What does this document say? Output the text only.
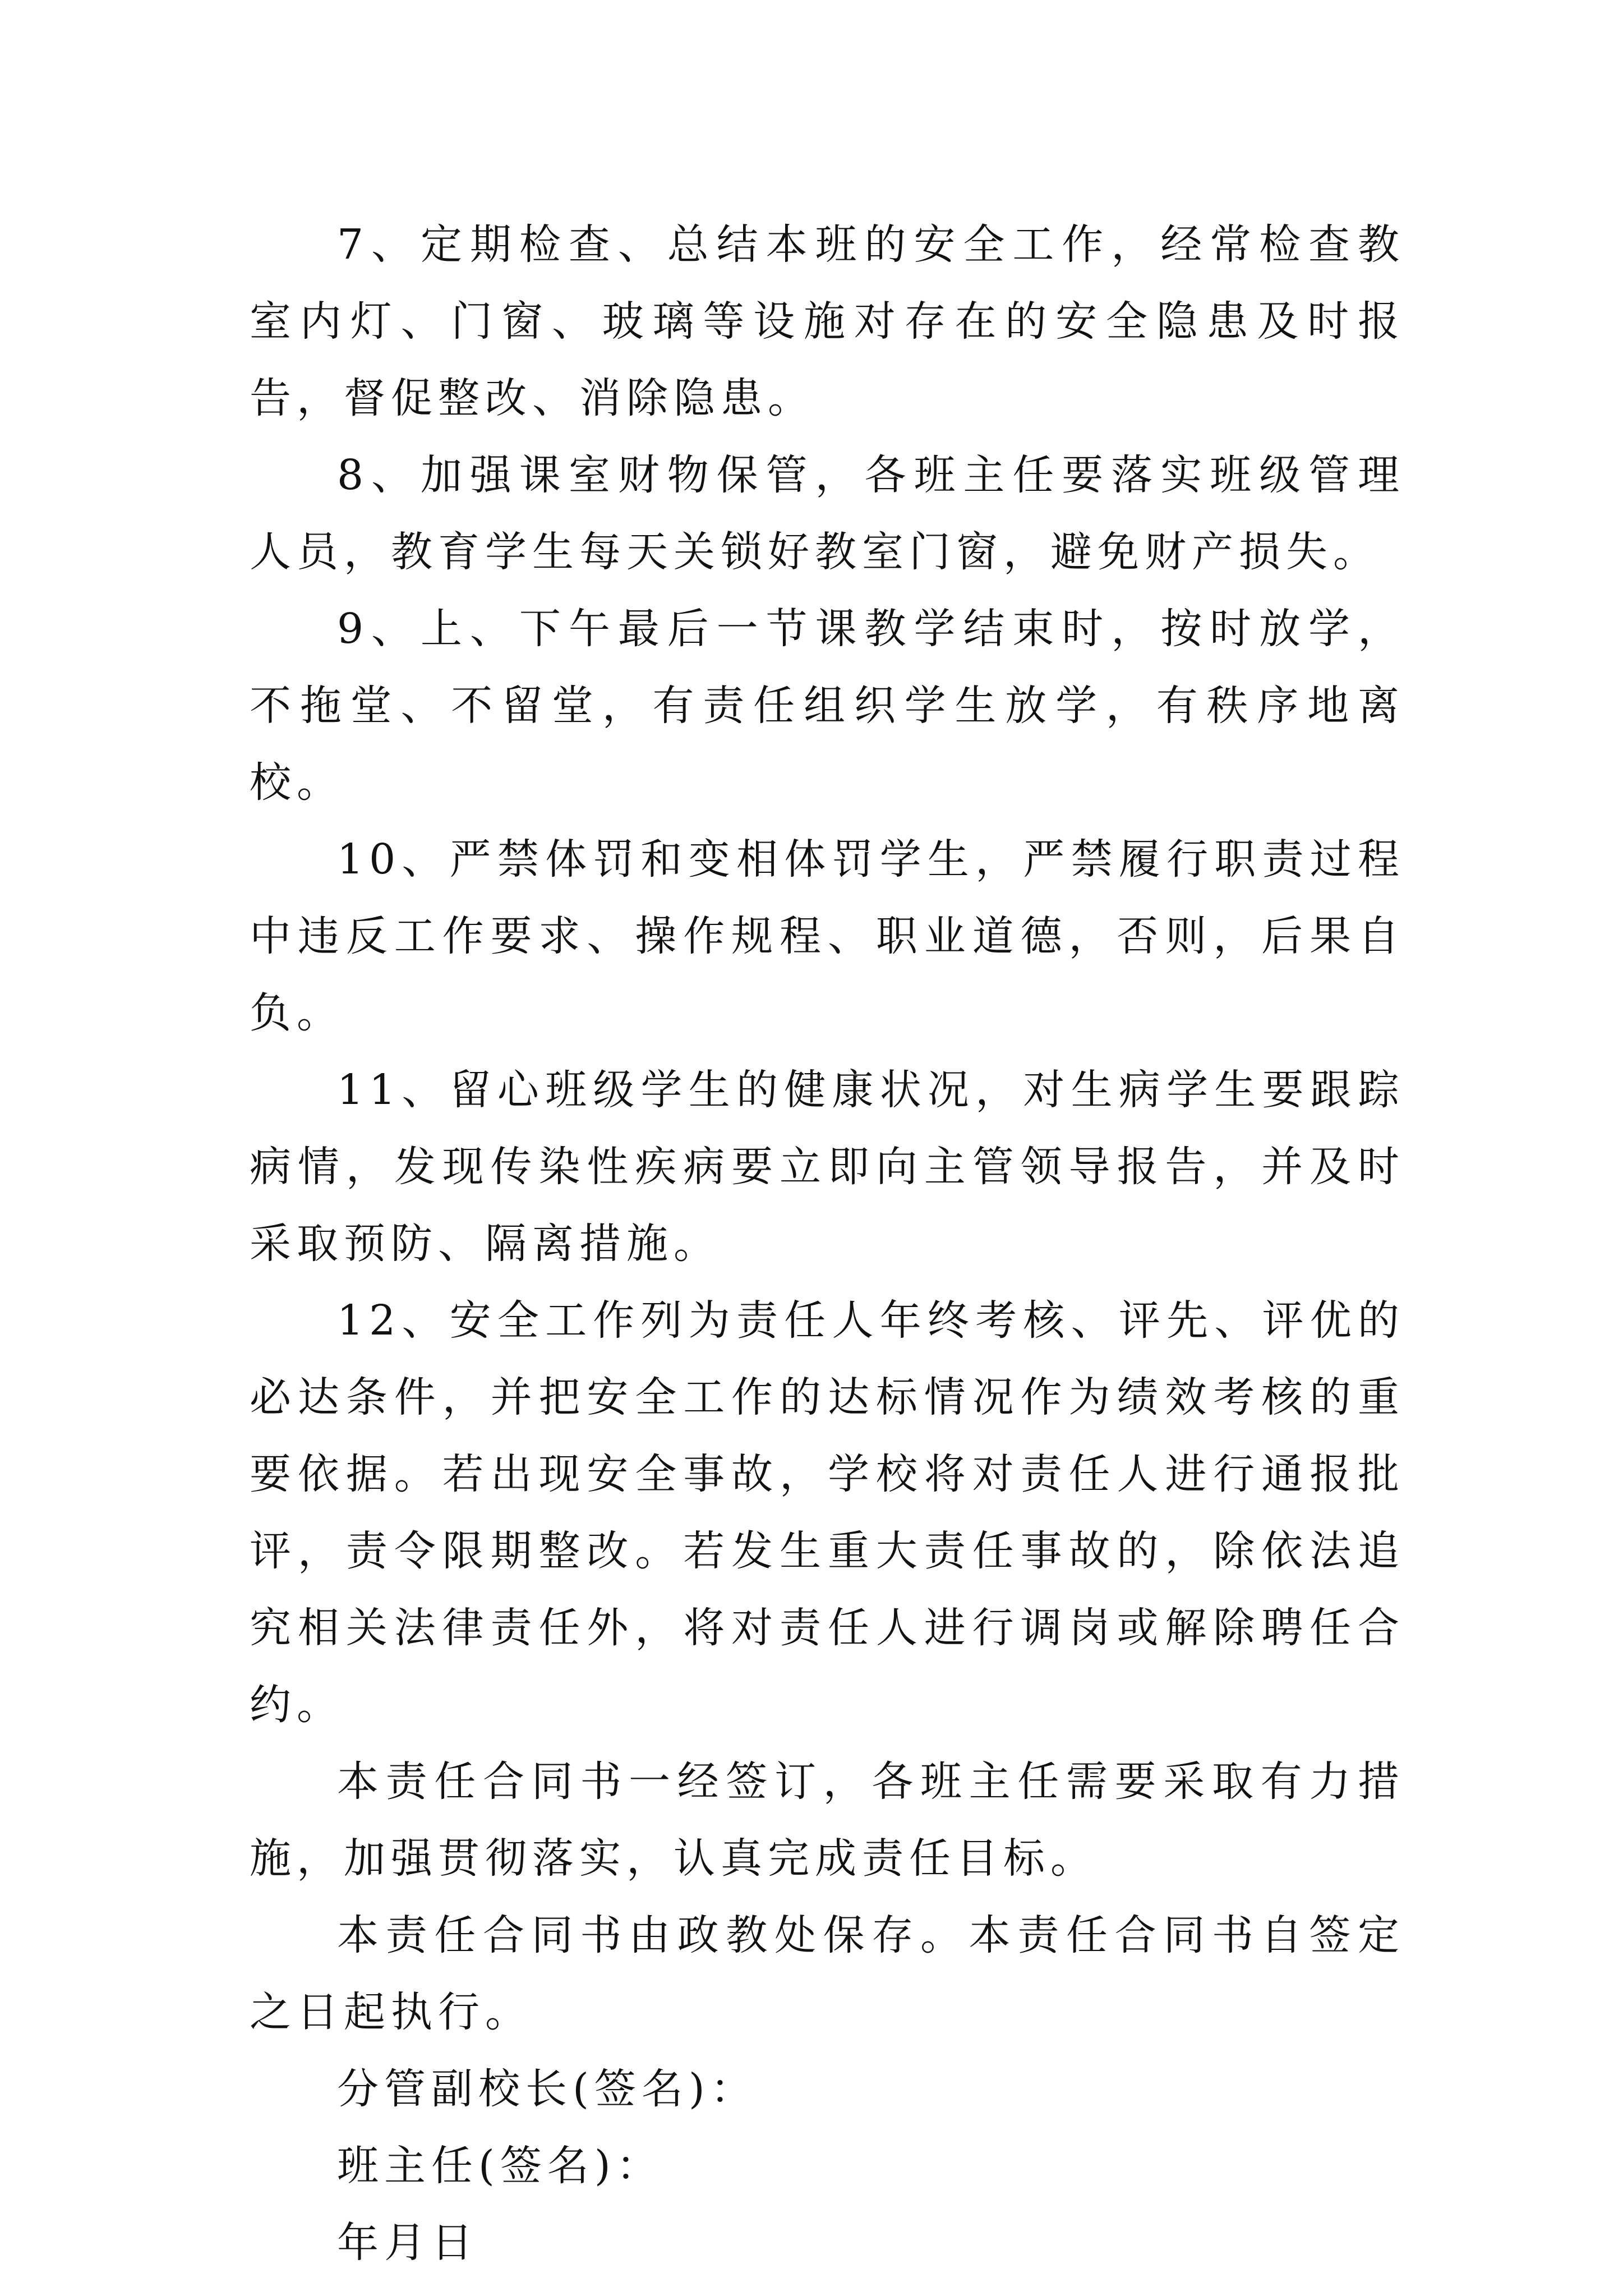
7、定期检查、总结本班的安全工作，经常检查教室内灯、门窗、玻璃等设施对存在的安全隐患及时报告，督促整改、消除隐患。

8、加强课室财物保管，各班主任要落实班级管理人员，教育学生每天关锁好教室门窗，避免财产损失。

9、上、下午最后一节课教学结束时，按时放学，不拖堂、不留堂，有责任组织学生放学，有秩序地离校。

10、严禁体罚和变相体罚学生，严禁履行职责过程中违反工作要求、操作规程、职业道德，否则，后果自负。

11、留心班级学生的健康状况，对生病学生要跟踪病情，发现传染性疾病要立即向主管领导报告，并及时采取预防、隔离措施。

12、安全工作列为责任人年终考核、评先、评优的必达条件，并把安全工作的达标情况作为绩效考核的重要依据。若出现安全事故，学校将对责任人进行通报批评，责令限期整改。若发生重大责任事故的，除依法追究相关法律责任外，将对责任人进行调岗或解除聘任合约。

本责任合同书一经签订，各班主任需要采取有力措施，加强贯彻落实，认真完成责任目标。

本责任合同书由政教处保存。本责任合同书自签定之日起执行。

分管副校长(签名)：

班主任(签名)：

年月日
